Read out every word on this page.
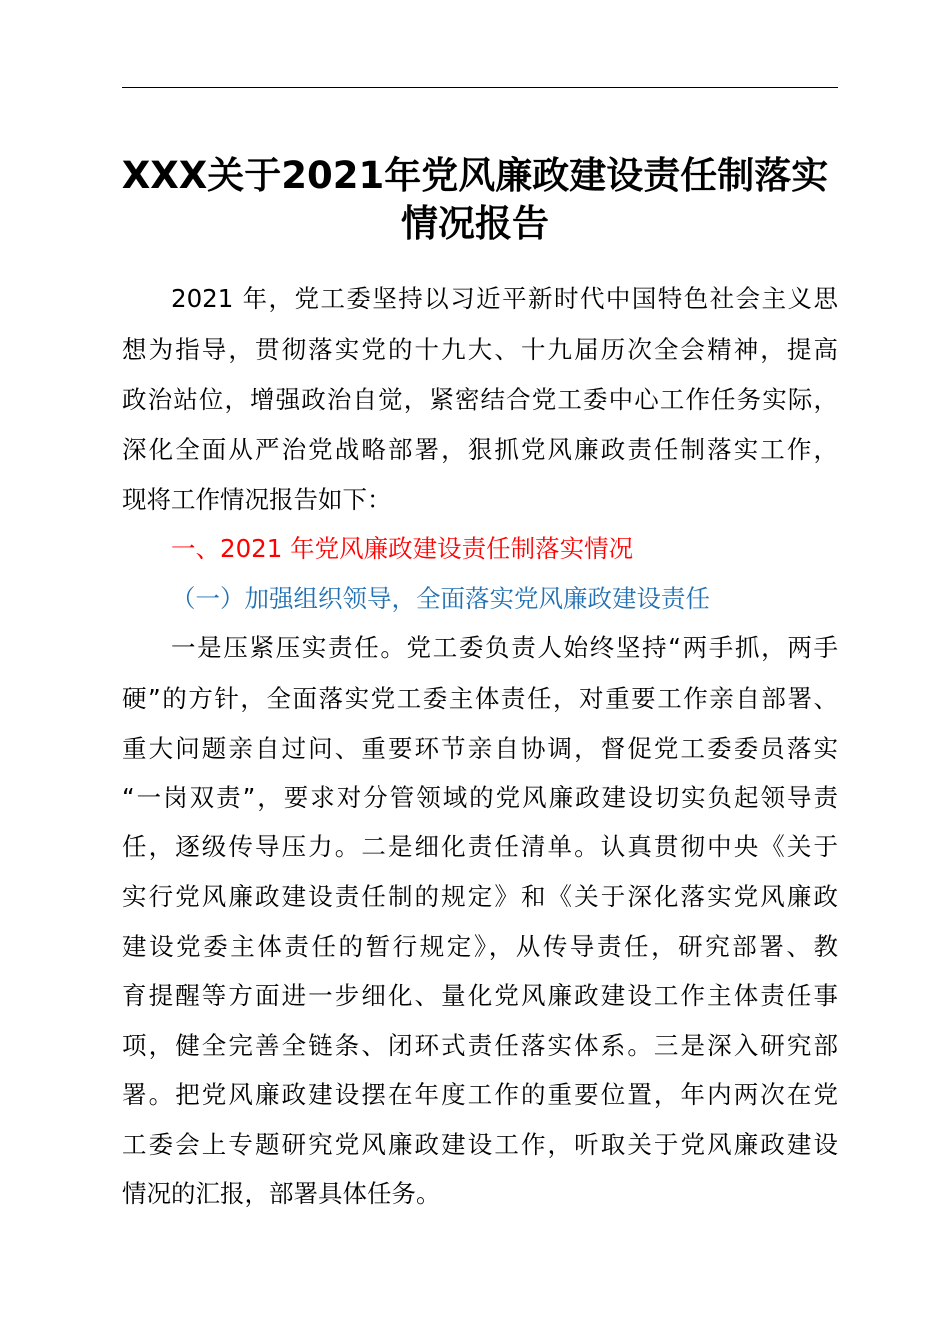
XXX关于2021年党风廉政建设责任制落实
情况报告

2021 年，党工委坚持以习近平新时代中国特色社会主义思

想为指导，贯彻落实党的十九大、十九届历次全会精神，提高

政治站位，增强政治自觉，紧密结合党工委中心工作任务实际，

深化全面从严治党战略部署，狠抓党风廉政责任制落实工作，

现将工作情况报告如下：

一、2021 年党风廉政建设责任制落实情况

（一）加强组织领导，全面落实党风廉政建设责任

一是压紧压实责任。党工委负责人始终坚持“两手抓，两手

硬”的方针，全面落实党工委主体责任，对重要工作亲自部署、

重大问题亲自过问、重要环节亲自协调，督促党工委委员落实

“一岗双责”，要求对分管领域的党风廉政建设切实负起领导责

任，逐级传导压力。二是细化责任清单。认真贯彻中央《关于

实行党风廉政建设责任制的规定》和《关于深化落实党风廉政

建设党委主体责任的暂行规定》，从传导责任，研究部署、教

育提醒等方面进一步细化、量化党风廉政建设工作主体责任事

项，健全完善全链条、闭环式责任落实体系。三是深入研究部

署。把党风廉政建设摆在年度工作的重要位置，年内两次在党

工委会上专题研究党风廉政建设工作，听取关于党风廉政建设

情况的汇报，部署具体任务。
